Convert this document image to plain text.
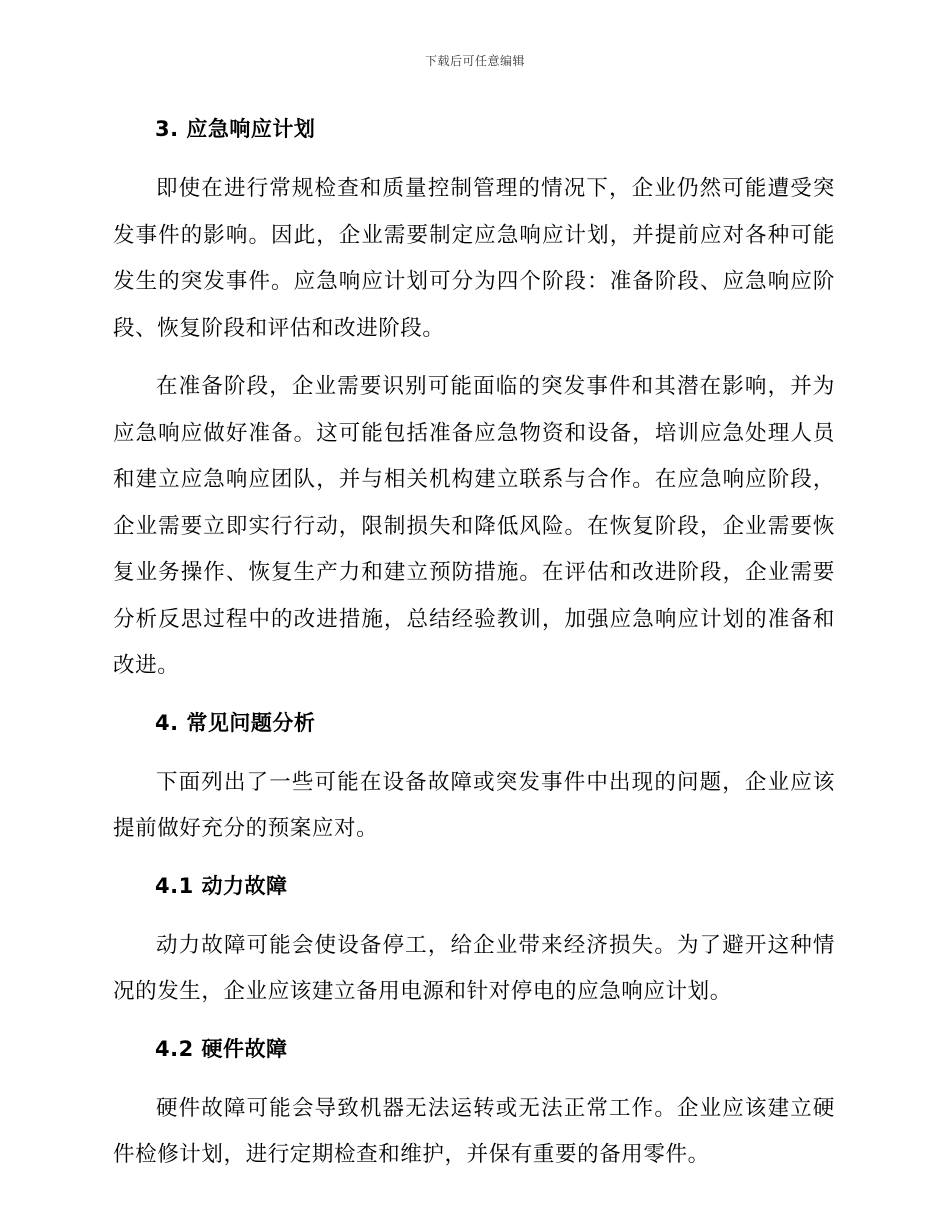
下载后可任意编辑
3. 应急响应计划

即使在进行常规检查和质量控制管理的情况下，企业仍然可能遭受突发事件的影响。因此，企业需要制定应急响应计划，并提前应对各种可能发生的突发事件。应急响应计划可分为四个阶段：准备阶段、应急响应阶段、恢复阶段和评估和改进阶段。

在准备阶段，企业需要识别可能面临的突发事件和其潜在影响，并为应急响应做好准备。这可能包括准备应急物资和设备，培训应急处理人员和建立应急响应团队，并与相关机构建立联系与合作。在应急响应阶段，企业需要立即实行行动，限制损失和降低风险。在恢复阶段，企业需要恢复业务操作、恢复生产力和建立预防措施。在评估和改进阶段，企业需要分析反思过程中的改进措施，总结经验教训，加强应急响应计划的准备和改进。

4. 常见问题分析

下面列出了一些可能在设备故障或突发事件中出现的问题，企业应该提前做好充分的预案应对。

4.1 动力故障

动力故障可能会使设备停工，给企业带来经济损失。为了避开这种情况的发生，企业应该建立备用电源和针对停电的应急响应计划。

4.2 硬件故障

硬件故障可能会导致机器无法运转或无法正常工作。企业应该建立硬件检修计划，进行定期检查和维护，并保有重要的备用零件。
